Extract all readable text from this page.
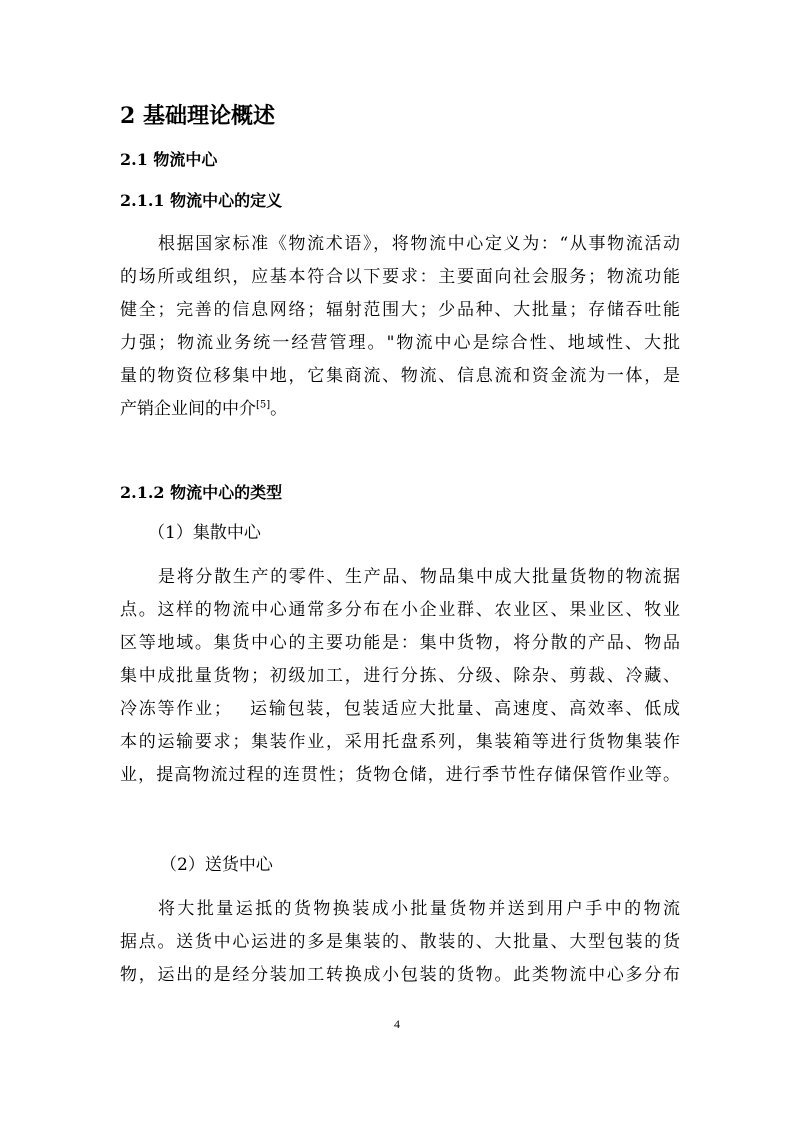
2 基础理论概述
2.1 物流中心
2.1.1 物流中心的定义
根据国家标准《物流术语》，将物流中心定义为：“从事物流活动
的场所或组织，应基本符合以下要求：主要面向社会服务；物流功能
健全；完善的信息网络；辐射范围大；少品种、大批量；存储吞吐能
力强；物流业务统一经营管理。"物流中心是综合性、地域性、大批
量的物资位移集中地，它集商流、物流、信息流和资金流为一体，是
产销企业间的中介[5]。
2.1.2 物流中心的类型
（1）集散中心
是将分散生产的零件、生产品、物品集中成大批量货物的物流据
点。这样的物流中心通常多分布在小企业群、农业区、果业区、牧业
区等地域。集货中心的主要功能是：集中货物，将分散的产品、物品
集中成批量货物；初级加工，进行分拣、分级、除杂、剪裁、冷藏、
冷冻等作业；　 运输包装，包装适应大批量、高速度、高效率、低成
本的运输要求；集装作业，采用托盘系列，集装箱等进行货物集装作
业，提高物流过程的连贯性；货物仓储，进行季节性存储保管作业等。
（2）送货中心
将大批量运抵的货物换装成小批量货物并送到用户手中的物流
据点。送货中心运进的多是集装的、散装的、大批量、大型包装的货
物，运出的是经分装加工转换成小包装的货物。此类物流中心多分布
4
